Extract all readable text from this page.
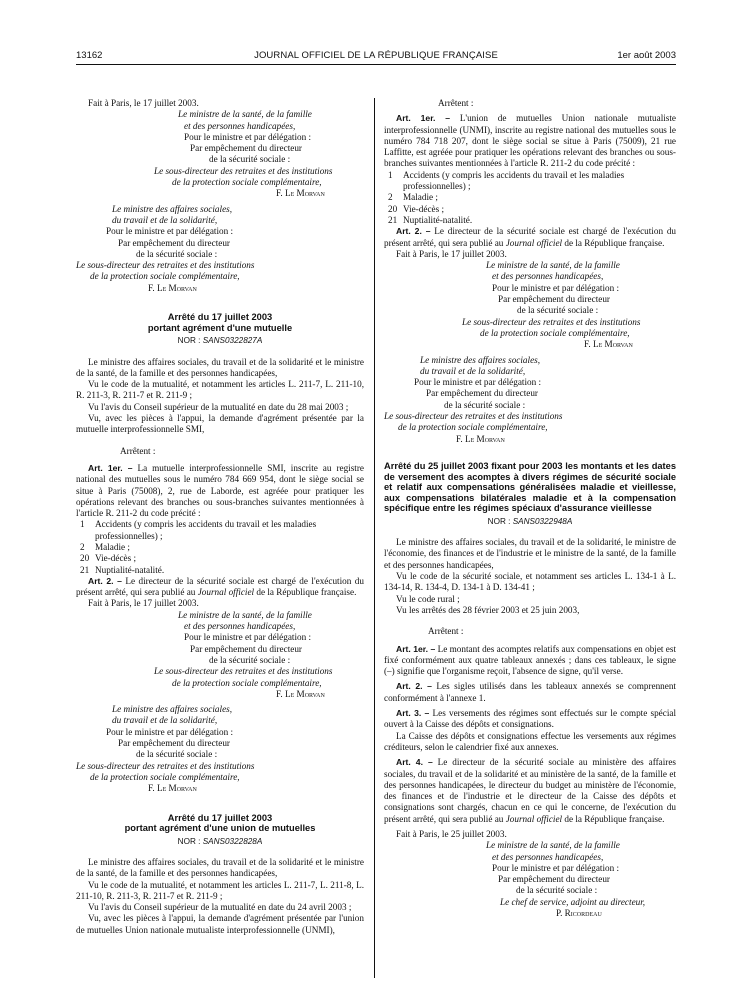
13162	JOURNAL OFFICIEL DE LA RÉPUBLIQUE FRANÇAISE	1er août 2003

Fait à Paris, le 17 juillet 2003.

Le ministre de la santé, de la famille

et des personnes handicapées,

Pour le ministre et par délégation :

Par empêchement du directeur

de la sécurité sociale :

Le sous-directeur des retraites et des institutions

de la protection sociale complémentaire,

F. Le Morvan

Le ministre des affaires sociales,

du travail et de la solidarité,

Pour le ministre et par délégation :

Par empêchement du directeur

de la sécurité sociale :

Le sous-directeur des retraites et des institutions

de la protection sociale complémentaire,

F. Le Morvan

Arrêté du 17 juillet 2003

portant agrément d'une mutuelle

NOR : SANS0322827A

Le ministre des affaires sociales, du travail et de la solidarité et le ministre de la santé, de la famille et des personnes handicapées,

Vu le code de la mutualité, et notamment les articles L. 211-7, L. 211-10, R. 211-3, R. 211-7 et R. 211-9 ;

Vu l'avis du Conseil supérieur de la mutualité en date du 28 mai 2003 ;

Vu, avec les pièces à l'appui, la demande d'agrément présentée par la mutuelle interprofessionnelle SMI,

Arrêtent :

Art. 1er. – La mutuelle interprofessionnelle SMI, inscrite au registre national des mutuelles sous le numéro 784 669 954, dont le siège social se situe à Paris (75008), 2, rue de Laborde, est agréée pour pratiquer les opérations relevant des branches ou sous-branches suivantes mentionnées à l'article R. 211-2 du code précité :

1 Accidents (y compris les accidents du travail et les maladies professionnelles) ;

2 Maladie ;

20 Vie-décès ;

21 Nuptialité-natalité.

Art. 2. – Le directeur de la sécurité sociale est chargé de l'exécution du présent arrêté, qui sera publié au Journal officiel de la République française.

Fait à Paris, le 17 juillet 2003.

Le ministre de la santé, de la famille

et des personnes handicapées,

Pour le ministre et par délégation :

Par empêchement du directeur

de la sécurité sociale :

Le sous-directeur des retraites et des institutions

de la protection sociale complémentaire,

F. Le Morvan

Le ministre des affaires sociales,

du travail et de la solidarité,

Pour le ministre et par délégation :

Par empêchement du directeur

de la sécurité sociale :

Le sous-directeur des retraites et des institutions

de la protection sociale complémentaire,

F. Le Morvan

Arrêté du 17 juillet 2003

portant agrément d'une union de mutuelles

NOR : SANS0322828A

Le ministre des affaires sociales, du travail et de la solidarité et le ministre de la santé, de la famille et des personnes handicapées,

Vu le code de la mutualité, et notamment les articles L. 211-7, L. 211-8, L. 211-10, R. 211-3, R. 211-7 et R. 211-9 ;

Vu l'avis du Conseil supérieur de la mutualité en date du 24 avril 2003 ;

Vu, avec les pièces à l'appui, la demande d'agrément présentée par l'union de mutuelles Union nationale mutualiste interprofessionnelle (UNMI),

Arrêtent :

Art. 1er. – L'union de mutuelles Union nationale mutualiste interprofessionnelle (UNMI), inscrite au registre national des mutuelles sous le numéro 784 718 207, dont le siège social se situe à Paris (75009), 21 rue Laffitte, est agréée pour pratiquer les opérations relevant des branches ou sous-branches suivantes mentionnées à l'article R. 211-2 du code précité :

1 Accidents (y compris les accidents du travail et les maladies professionnelles) ;

2 Maladie ;

20 Vie-décès ;

21 Nuptialité-natalité.

Art. 2. – Le directeur de la sécurité sociale est chargé de l'exécution du présent arrêté, qui sera publié au Journal officiel de la République française.

Fait à Paris, le 17 juillet 2003.

Le ministre de la santé, de la famille

et des personnes handicapées,

Pour le ministre et par délégation :

Par empêchement du directeur

de la sécurité sociale :

Le sous-directeur des retraites et des institutions

de la protection sociale complémentaire,

F. Le Morvan

Le ministre des affaires sociales,

du travail et de la solidarité,

Pour le ministre et par délégation :

Par empêchement du directeur

de la sécurité sociale :

Le sous-directeur des retraites et des institutions

de la protection sociale complémentaire,

F. Le Morvan

Arrêté du 25 juillet 2003 fixant pour 2003 les montants et les dates de versement des acomptes à divers régimes de sécurité sociale et relatif aux compensations généralisées maladie et vieillesse, aux compensations bilatérales maladie et à la compensation spécifique entre les régimes spéciaux d'assurance vieillesse

NOR : SANS0322948A

Le ministre des affaires sociales, du travail et de la solidarité, le ministre de l'économie, des finances et de l'industrie et le ministre de la santé, de la famille et des personnes handicapées,

Vu le code de la sécurité sociale, et notamment ses articles L. 134-1 à L. 134-14, R. 134-4, D. 134-1 à D. 134-41 ;

Vu le code rural ;

Vu les arrêtés des 28 février 2003 et 25 juin 2003,

Arrêtent :

Art. 1er. – Le montant des acomptes relatifs aux compensations en objet est fixé conformément aux quatre tableaux annexés ; dans ces tableaux, le signe (–) signifie que l'organisme reçoit, l'absence de signe, qu'il verse.

Art. 2. – Les sigles utilisés dans les tableaux annexés se comprennent conformément à l'annexe 1.

Art. 3. – Les versements des régimes sont effectués sur le compte spécial ouvert à la Caisse des dépôts et consignations.

La Caisse des dépôts et consignations effectue les versements aux régimes créditeurs, selon le calendrier fixé aux annexes.

Art. 4. – Le directeur de la sécurité sociale au ministère des affaires sociales, du travail et de la solidarité et au ministère de la santé, de la famille et des personnes handicapées, le directeur du budget au ministère de l'économie, des finances et de l'industrie et le directeur de la Caisse des dépôts et consignations sont chargés, chacun en ce qui le concerne, de l'exécution du présent arrêté, qui sera publié au Journal officiel de la République française.

Fait à Paris, le 25 juillet 2003.

Le ministre de la santé, de la famille

et des personnes handicapées,

Pour le ministre et par délégation :

Par empêchement du directeur

de la sécurité sociale :

Le chef de service, adjoint au directeur,

P. Ricordeau
